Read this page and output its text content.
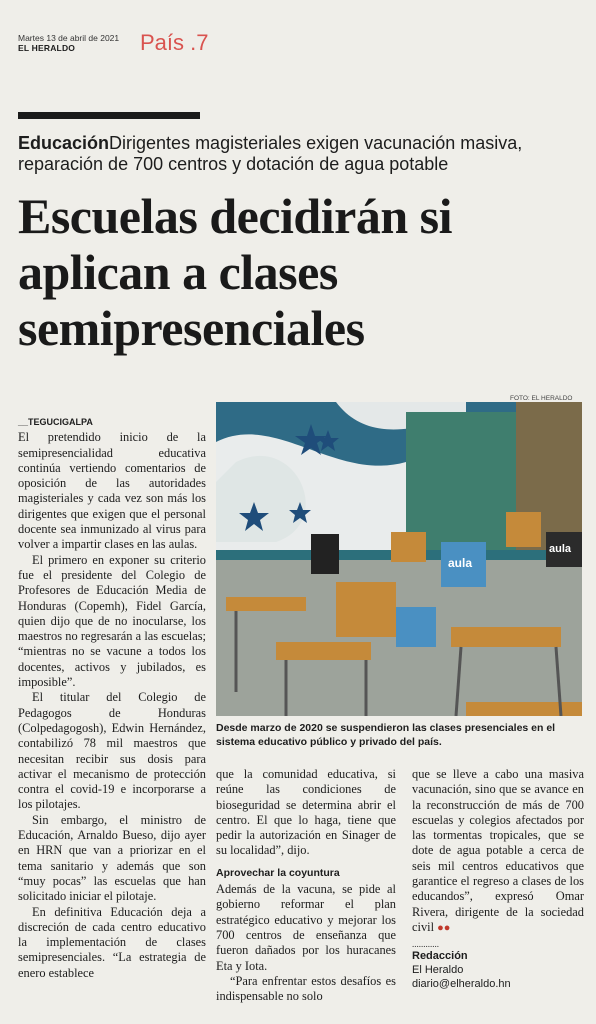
Martes 13 de abril de 2021
EL HERALDO	País .7
EducaciónDirigentes magisteriales exigen vacunación masiva, reparación de 700 centros y dotación de agua potable
Escuelas decidirán si aplican a clases semipresenciales
FOTO: EL HERALDO
aula
aula
Desde marzo de 2020 se suspendieron las clases presenciales en el sistema educativo público y privado del país.
__TEGUCIGALPA

El pretendido inicio de la semipresencialidad educativa continúa vertiendo comentarios de oposición de las autoridades magisteriales y cada vez son más los dirigentes que exigen que el personal docente sea inmunizado al virus para volver a impartir clases en las aulas.

El primero en exponer su criterio fue el presidente del Colegio de Profesores de Educación Media de Honduras (Copemh), Fidel García, quien dijo que de no inocularse, los maestros no regresarán a las escuelas; “mientras no se vacune a todos los docentes, activos y jubilados, es imposible”.

El titular del Colegio de Pedagogos de Honduras (Colpedagogosh), Edwin Hernández, contabilizó 78 mil maestros que necesitan recibir sus dosis para activar el mecanismo de protección contra el covid-19 e incorporarse a los pilotajes.

Sin embargo, el ministro de Educación, Arnaldo Bueso, dijo ayer en HRN que van a priorizar en el tema sanitario y además que son “muy pocas” las escuelas que han solicitado iniciar el pilotaje.

En definitiva Educación deja a discreción de cada centro educativo la implementación de clases semipresenciales. “La estrategia de enero establece

que la comunidad educativa, si reúne las condiciones de bioseguridad se determina abrir el centro. El que lo haga, tiene que pedir la autorización en Sinager de su localidad”, dijo.

Aprovechar la coyuntura

Además de la vacuna, se pide al gobierno reformar el plan estratégico educativo y mejorar los 700 centros de enseñanza que fueron dañados por los huracanes Eta y Iota.

“Para enfrentar estos desafíos es indispensable no solo

que se lleve a cabo una masiva vacunación, sino que se avance en la reconstrucción de más de 700 escuelas y colegios afectados por las tormentas tropicales, que se dote de agua potable a cerca de seis mil centros educativos que garantice el regreso a clases de los educandos”, expresó Omar Rivera, dirigente de la sociedad civil ●●

............
Redacción
El Heraldo
diario@elheraldo.hn
